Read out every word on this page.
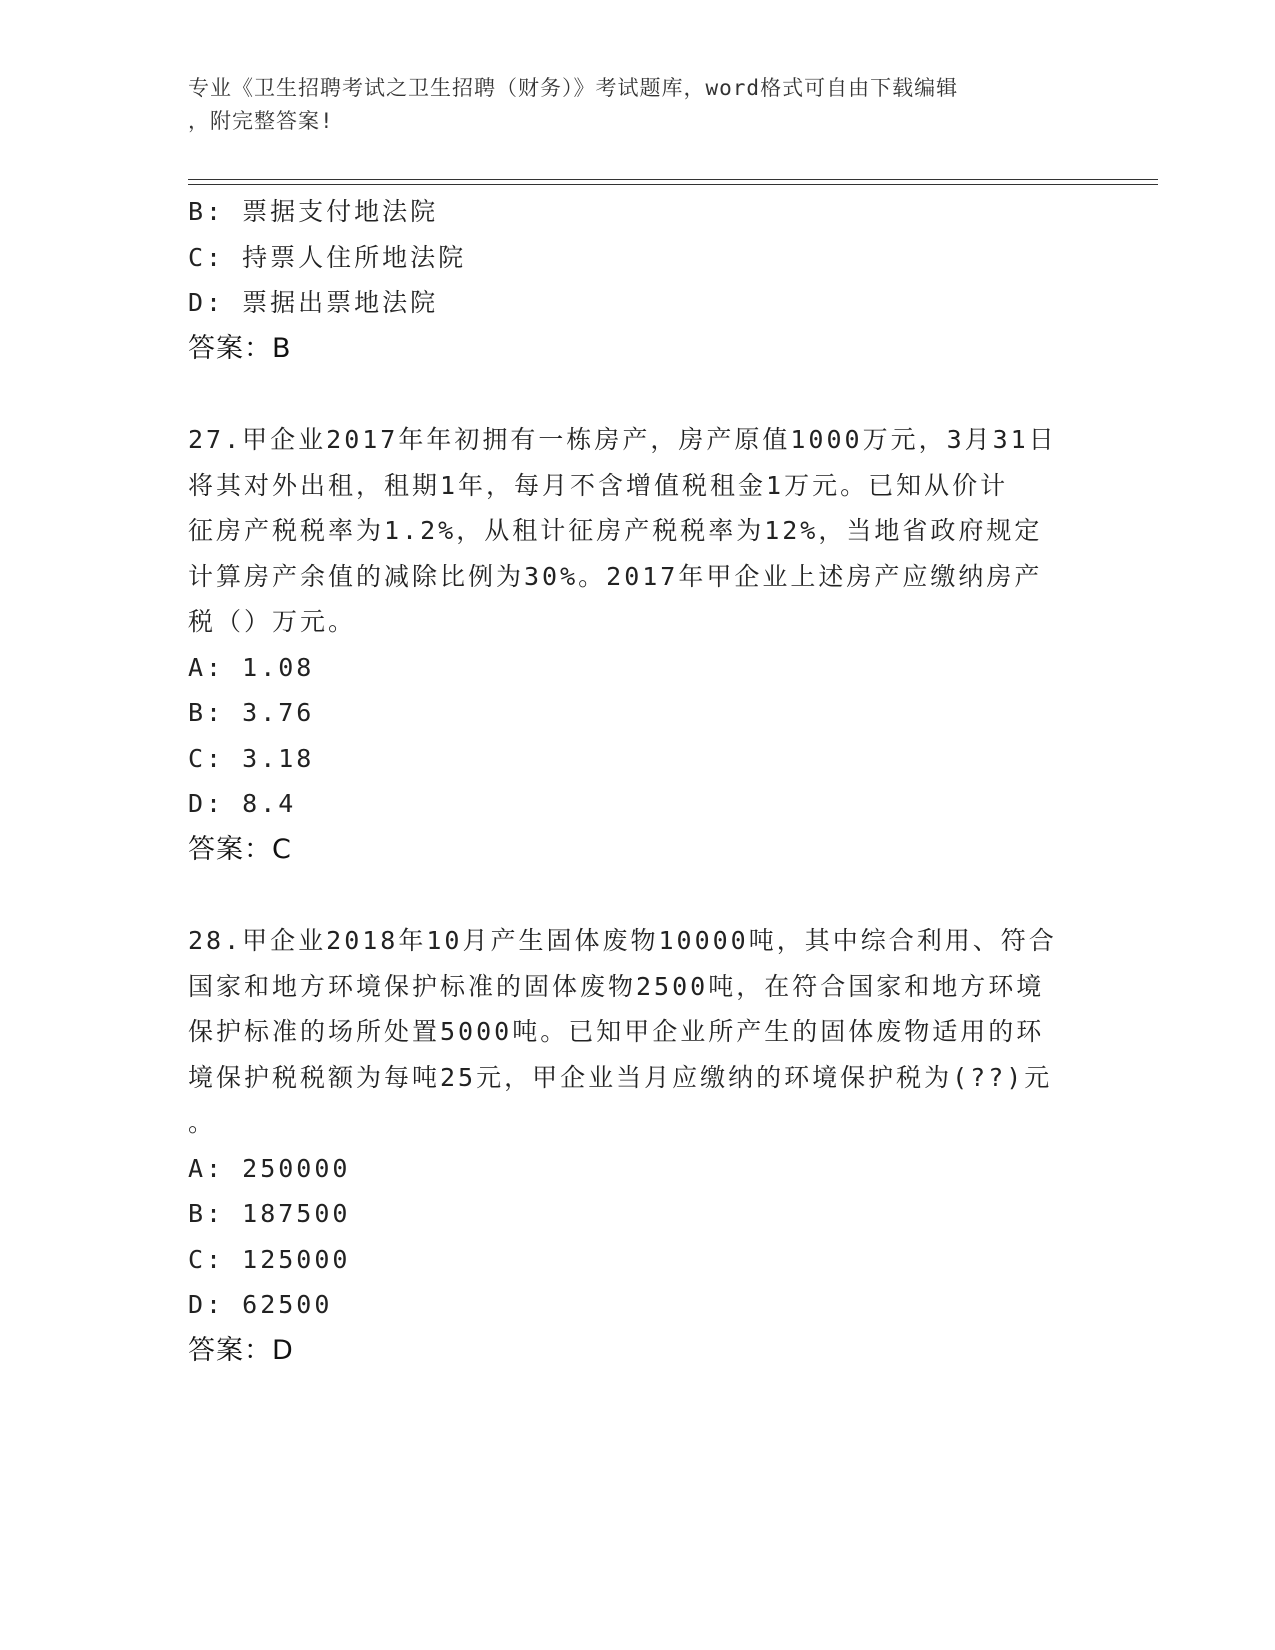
专业《卫生招聘考试之卫生招聘（财务）》考试题库，word格式可自由下载编辑
，附完整答案!
B: 票据支付地法院
C: 持票人住所地法院
D: 票据出票地法院
答案：B
27.甲企业2017年年初拥有一栋房产，房产原值1000万元，3月31日
将其对外出租，租期1年，每月不含增值税租金1万元。已知从价计
征房产税税率为1.2%，从租计征房产税税率为12%，当地省政府规定
计算房产余值的减除比例为30%。2017年甲企业上述房产应缴纳房产
税（）万元。
A: 1.08
B: 3.76
C: 3.18
D: 8.4
答案：C
28.甲企业2018年10月产生固体废物10000吨，其中综合利用、符合
国家和地方环境保护标准的固体废物2500吨，在符合国家和地方环境
保护标准的场所处置5000吨。已知甲企业所产生的固体废物适用的环
境保护税税额为每吨25元，甲企业当月应缴纳的环境保护税为(??)元
。
A: 250000
B: 187500
C: 125000
D: 62500
答案：D
